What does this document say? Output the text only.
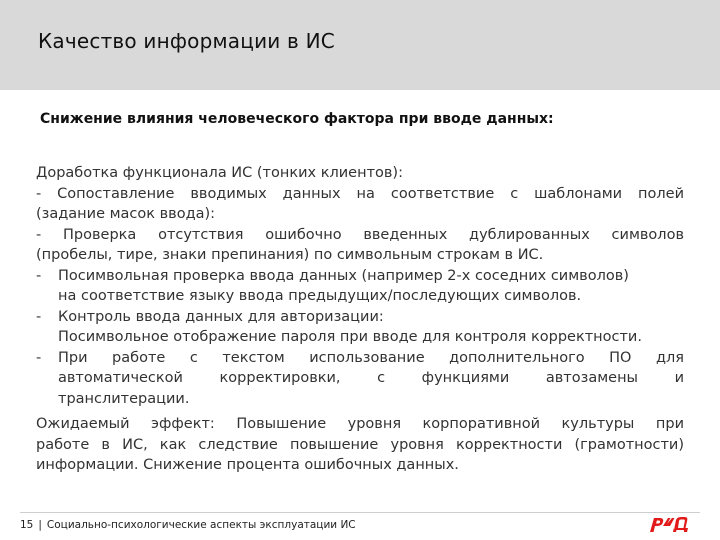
Качество информации в ИС
Снижение влияния человеческого фактора при вводе данных:

Доработка функционала ИС (тонких клиентов):

- Сопоставление вводимых данных на соответствие с шаблонами полей

(задание масок ввода):

- Проверка отсутствия ошибочно введенных дублированных символов

(пробелы, тире, знаки препинания) по символьным строкам в ИС.

-	Посимвольная проверка ввода данных (например 2-х соседних символов)
на соответствие языку ввода предыдущих/последующих символов.
-	Контроль ввода данных для авторизации:
Посимвольное отображение пароля при вводе для контроля корректности.
-	При работе с текстом использование дополнительного ПО для
автоматической корректировки, с функциями автозамены и
транслитерации.

Ожидаемый эффект: Повышение уровня корпоративной культуры при

работе в ИС, как следствие повышение уровня корректности (грамотности)

информации. Снижение процента ошибочных данных.

15 | Социально-психологические аспекты эксплуатации ИС
